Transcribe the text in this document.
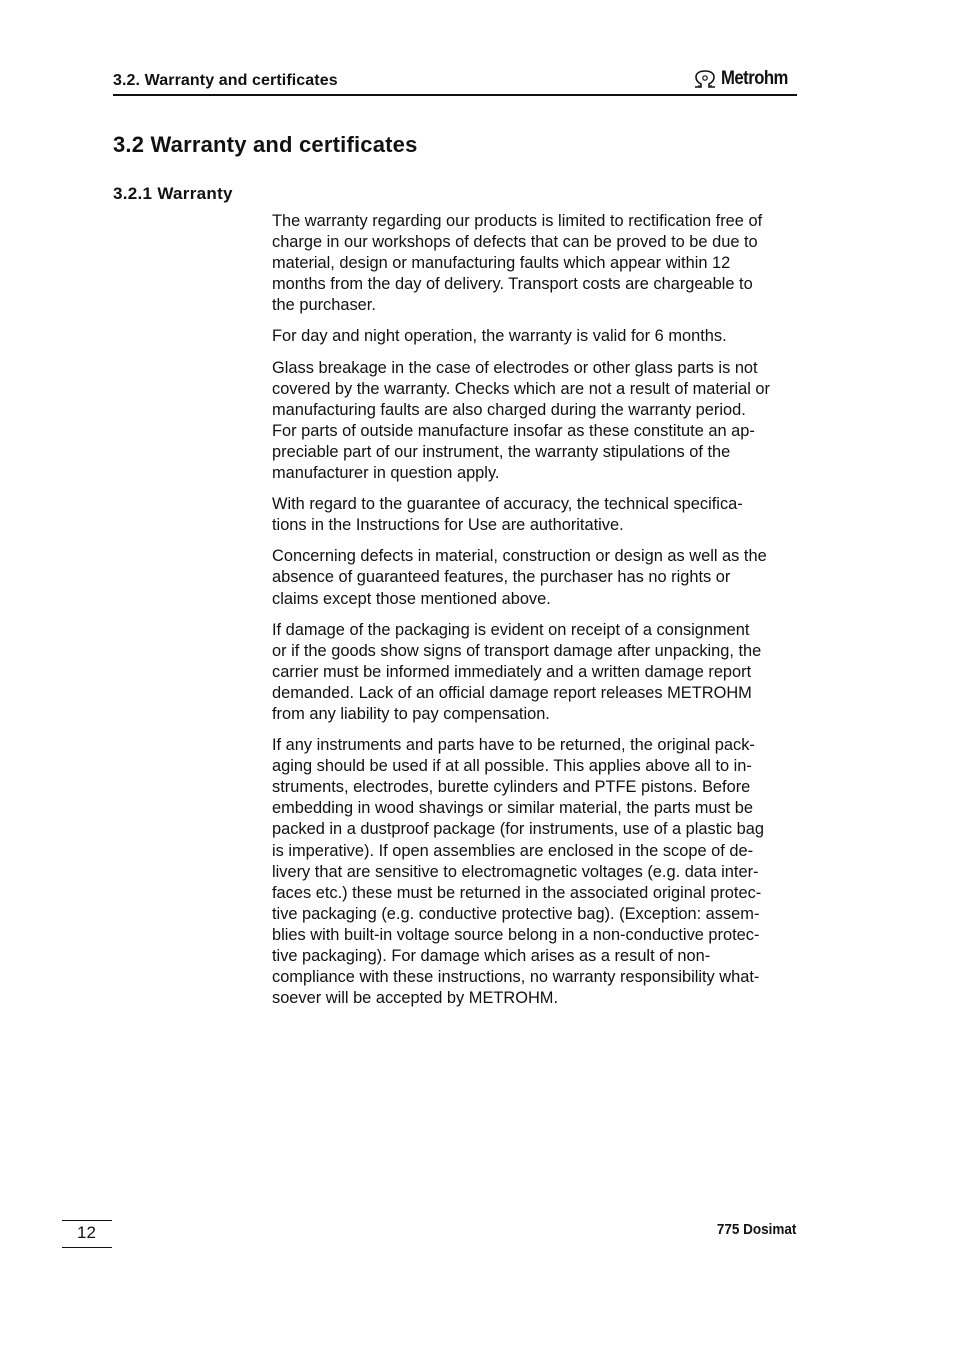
3.2. Warranty and certificates	Metrohm
3.2 Warranty and certificates
3.2.1 Warranty

The warranty regarding our products is limited to rectification free of
charge in our workshops of defects that can be proved to be due to
material, design or manufacturing faults which appear within 12
months from the day of delivery. Transport costs are chargeable to
the purchaser.

For day and night operation, the warranty is valid for 6 months.

Glass breakage in the case of electrodes or other glass parts is not
covered by the warranty. Checks which are not a result of material or
manufacturing faults are also charged during the warranty period.
For parts of outside manufacture insofar as these constitute an ap-
preciable part of our instrument, the warranty stipulations of the
manufacturer in question apply.

With regard to the guarantee of accuracy, the technical specifica-
tions in the Instructions for Use are authoritative.

Concerning defects in material, construction or design as well as the
absence of guaranteed features, the purchaser has no rights or
claims except those mentioned above.

If damage of the packaging is evident on receipt of a consignment
or if the goods show signs of transport damage after unpacking, the
carrier must be informed immediately and a written damage report
demanded. Lack of an official damage report releases METROHM
from any liability to pay compensation.

If any instruments and parts have to be returned, the original pack-
aging should be used if at all possible. This applies above all to in-
struments, electrodes, burette cylinders and PTFE pistons. Before
embedding in wood shavings or similar material, the parts must be
packed in a dustproof package (for instruments, use of a plastic bag
is imperative). If open assemblies are enclosed in the scope of de-
livery that are sensitive to electromagnetic voltages (e.g. data inter-
faces etc.) these must be returned in the associated original protec-
tive packaging (e.g. conductive protective bag). (Exception: assem-
blies with built-in voltage source belong in a non-conductive protec-
tive packaging). For damage which arises as a result of non-
compliance with these instructions, no warranty responsibility what-
soever will be accepted by METROHM.

12	775 Dosimat
